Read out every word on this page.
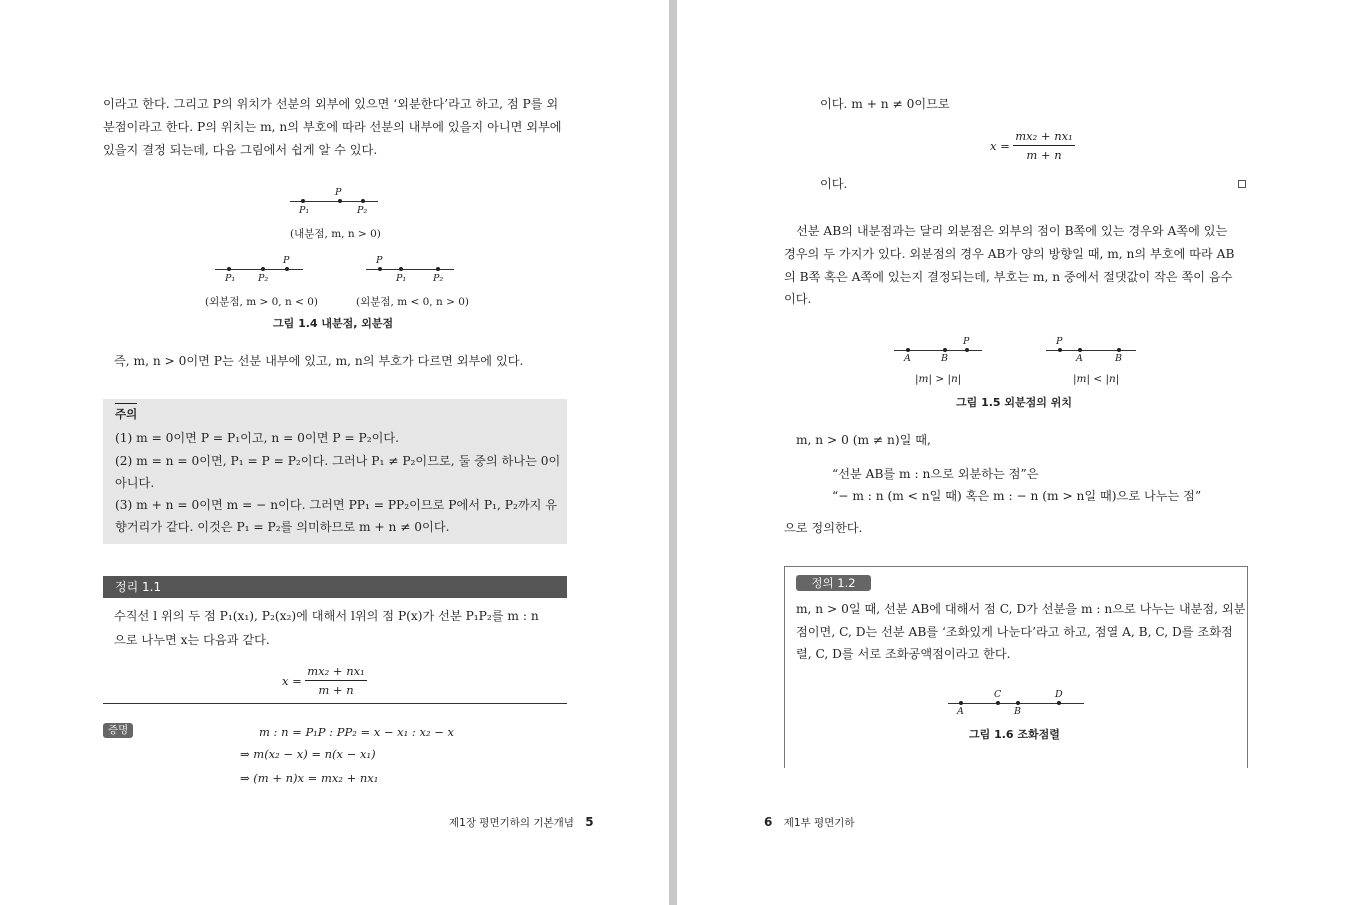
이라고 한다. 그리고 P의 위치가 선분의 외부에 있으면 ‘외분한다’라고 하고, 점 P를 외
분점이라고 한다. P의 위치는 m, n의 부호에 따라 선분의 내부에 있을지 아니면 외부에
있을지 결정 되는데, 다음 그림에서 쉽게 알 수 있다.
P
P₁	P₂
(내분점, m, n > 0)
P
P₁ P₂
(외분점, m > 0, n < 0)
P
P₁	P₂
(외분점, m < 0, n > 0)
그림 1.4 내분점, 외분점
즉, m, n > 0이면 P는 선분 내부에 있고, m, n의 부호가 다르면 외부에 있다.
주의
(1) m = 0이면 P = P₁이고, n = 0이면 P = P₂이다.
(2) m = n = 0이면, P₁ = P = P₂이다. 그러나 P₁ ≠ P₂이므로, 둘 중의 하나는 0이
아니다.
(3) m + n = 0이면 m = − n이다. 그러면 PP₁ = PP₂이므로 P에서 P₁, P₂까지 유
향거리가 같다. 이것은 P₁ = P₂를 의미하므로 m + n ≠ 0이다.
정리 1.1
수직선 l 위의 두 점 P₁(x₁), P₂(x₂)에 대해서 l위의 점 P(x)가 선분 P₁P₂를 m : n
으로 나누면 x는 다음과 같다.
x =
mx₂ + nx₁
m + n
증명	m : n = P₁P : PP₂ = x − x₁ : x₂ − x
⇒ m(x₂ − x) = n(x − x₁)
⇒ (m + n)x = mx₂ + nx₁
제1장 평면기하의 기본개념 5
이다. m + n ≠ 0이므로
x =
mx₂ + nx₁
m + n
이다.
선분 AB의 내분점과는 달리 외분점은 외부의 점이 B쪽에 있는 경우와 A쪽에 있는
경우의 두 가지가 있다. 외분점의 경우 AB가 양의 방향일 때, m, n의 부호에 따라 AB
의 B쪽 혹은 A쪽에 있는지 결정되는데, 부호는 m, n 중에서 절댓값이 작은 쪽이 음수
이다.
P
A	B
|m| > |n|
P
A	B
|m| < |n|
그림 1.5 외분점의 위치
m, n > 0 (m ≠ n)일 때,
“선분 AB를 m : n으로 외분하는 점”은
“− m : n (m < n일 때) 혹은 m : − n (m > n일 때)으로 나누는 점”
으로 정의한다.
정의 1.2
m, n > 0일 때, 선분 AB에 대해서 점 C, D가 선분을 m : n으로 나누는 내분점, 외분
점이면, C, D는 선분 AB를 ‘조화있게 나눈다’라고 하고, 점열 A, B, C, D를 조화점
렬, C, D를 서로 조화공액점이라고 한다.
C	D
A	B
그림 1.6 조화점렬
6 제1부 평면기하
